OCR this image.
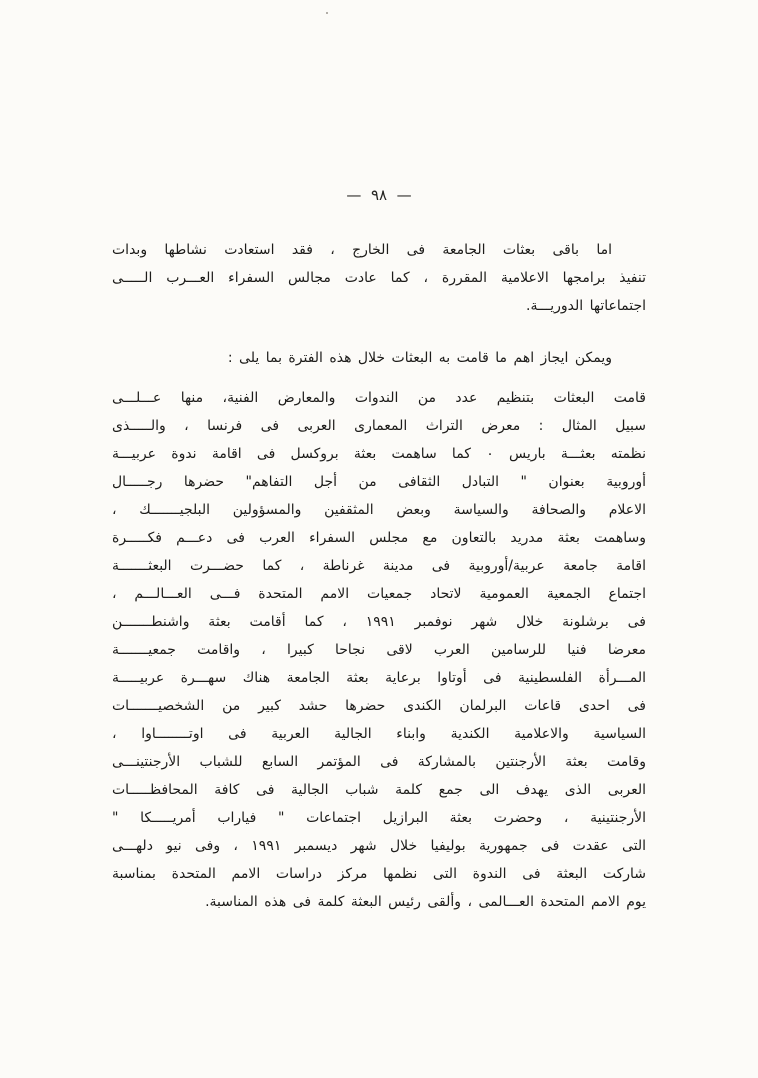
—  ٩٨  —
اما باقى بعثات الجامعة فى الخارج ، فقد استعادت نشاطها وبدات
تنفيذ برامجها الاعلامية المقررة ، كما عادت مجالس السفراء العـــرب الـــــى
اجتماعاتها الدوريـــة.
ويمكن ايجاز اهم ما قامت به البعثات خلال هذه الفترة بما يلى :
قامت البعثات بتنظيم عدد من الندوات والمعارض الفنية، منها عـــلـــى
سبيل المثال : معرض التراث المعمارى العربى فى فرنسا ، والـــــذى
نظمته بعثـــة باريس ٠ كما ساهمت بعثة بروكسل فى اقامة ندوة عربيـــة
أوروبية بعنوان " التبادل الثقافى من أجل التفاهم" حضرها رجـــــال
الاعلام والصحافة والسياسة وبعض المثقفين والمسؤولين البلجيـــــــك ،
وساهمت بعثة مدريد بالتعاون مع مجلس السفراء العرب فى دعـــم فكـــــرة
اقامة جامعة عربية/أوروبية فى مدينة غرناطة ، كما حضـــرت البعثـــــــة
اجتماع الجمعية العمومية لاتحاد جمعيات الامم المتحدة فـــى العـــالـــم ،
فى برشلونة خلال شهر نوفمبر ١٩٩١ ، كما أقامت بعثة واشنطـــــــن
معرضا فنيا للرسامين العرب لاقى نجاحا كبيرا ، واقامت جمعيـــــــة
المـــرأة الفلسطينية فى أوتاوا برعاية بعثة الجامعة هناك سهـــرة عربيـــــة
فى احدى قاعات البرلمان الكندى حضرها حشد كبير من الشخصيـــــــات
السياسية والاعلامية الكندية وابناء الجالية العربية فى اوتــــــــاوا ،
وقامت بعثة الأرجنتين بالمشاركة فى المؤتمر السابع للشباب الأرجنتينـــى
العربى الذى يهدف الى جمع كلمة شباب الجالية فى كافة المحافظـــــات
الأرجنتينية ، وحضرت بعثة البرازيل اجتماعات " فياراب أمريـــــكا "
التى عقدت فى جمهورية بوليفيا خلال شهر ديسمبر ١٩٩١ ، وفى نيو دلهـــى
شاركت البعثة فى الندوة التى نظمها مركز دراسات الامم المتحدة بمناسبة
يوم الامم المتحدة العـــالمى ، وألقى رئيس البعثة كلمة فى هذه المناسبة.
